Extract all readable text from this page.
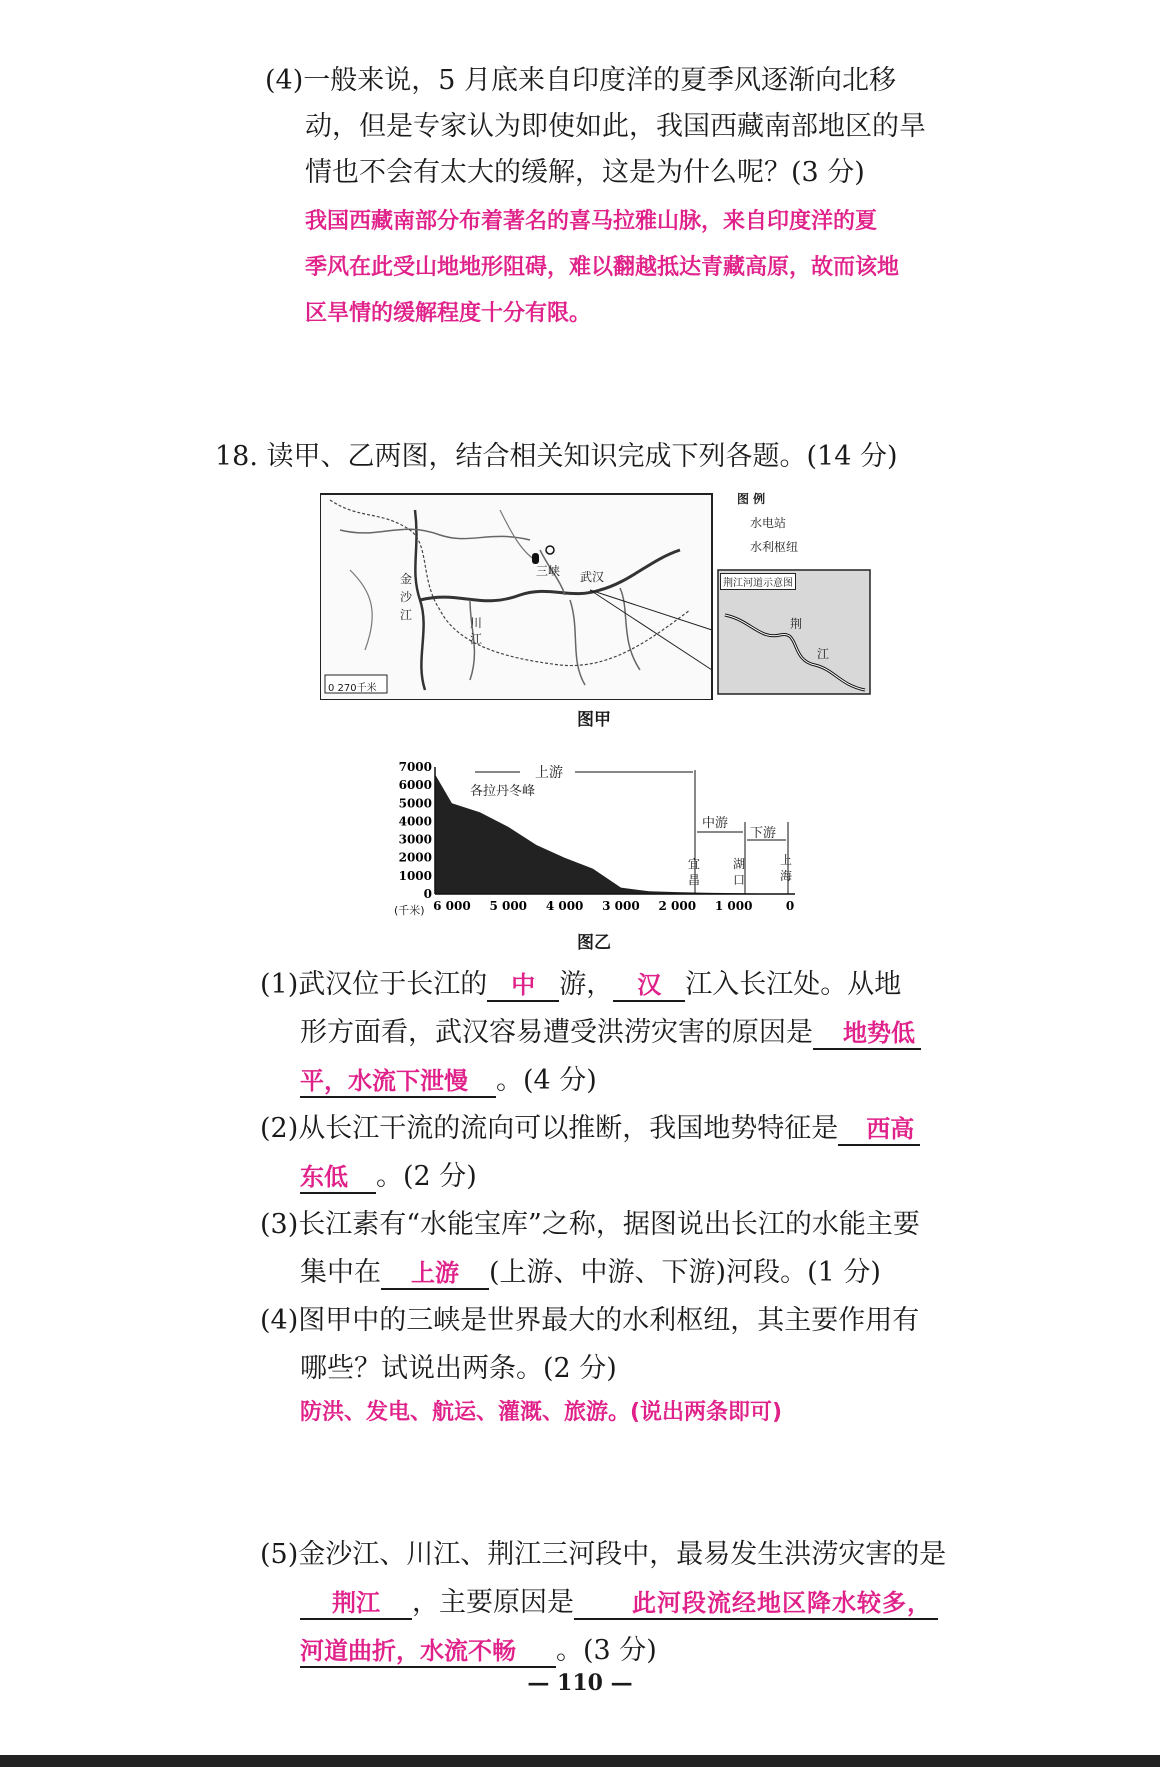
(4)一般来说，5 月底来自印度洋的夏季风逐渐向北移
动，但是专家认为即使如此，我国西藏南部地区的旱
情也不会有太大的缓解，这是为什么呢？(3 分)
我国西藏南部分布着著名的喜马拉雅山脉，来自印度洋的夏
季风在此受山地地形阻碍，难以翻越抵达青藏高原，故而该地
区旱情的缓解程度十分有限。
18. 读甲、乙两图，结合相关知识完成下列各题。(14 分)
图 例
水电站
水利枢纽
荆江河道示意图
三峡 武汉
金沙江
川江
荆
江
0 270千米
图甲
7000
6000
5000
4000
3000
2000
1000
0
6 000 5 000 4 000 3 000 2 000 1 000	0
上游
各拉丹冬峰
中游
下游
宜昌
湖口
上海
(千米)
图乙
(1)武汉位于长江的 中 游， 汉 江入长江处。从地
形方面看，武汉容易遭受洪涝灾害的原因是 地势低
平，水流下泄慢 。(4 分)
(2)从长江干流的流向可以推断，我国地势特征是 西高
东低 。(2 分)
(3)长江素有“水能宝库”之称，据图说出长江的水能主要
集中在 上游 (上游、中游、下游)河段。(1 分)
(4)图甲中的三峡是世界最大的水利枢纽，其主要作用有
哪些？试说出两条。(2 分)
防洪、发电、航运、灌溉、旅游。(说出两条即可)
(5)金沙江、川江、荆江三河段中，最易发生洪涝灾害的是
荆江 ，主要原因是 此河段流经地区降水较多，
河道曲折，水流不畅 。(3 分)
— 110 —
